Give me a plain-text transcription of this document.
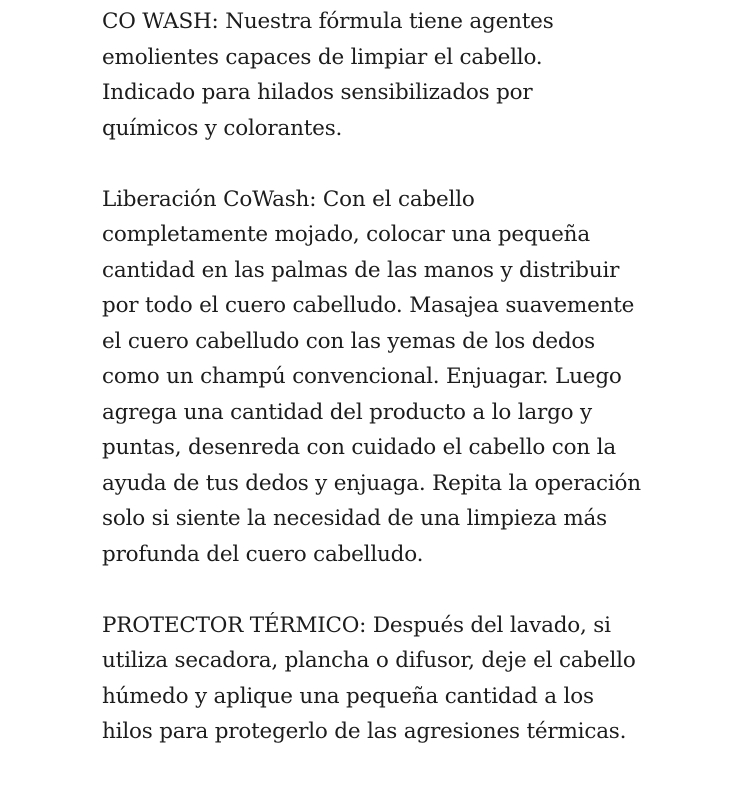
CO WASH: Nuestra fórmula tiene agentes
emolientes capaces de limpiar el cabello.
Indicado para hilados sensibilizados por
químicos y colorantes.

Liberación CoWash: Con el cabello
completamente mojado, colocar una pequeña
cantidad en las palmas de las manos y distribuir
por todo el cuero cabelludo. Masajea suavemente
el cuero cabelludo con las yemas de los dedos
como un champú convencional. Enjuagar. Luego
agrega una cantidad del producto a lo largo y
puntas, desenreda con cuidado el cabello con la
ayuda de tus dedos y enjuaga. Repita la operación
solo si siente la necesidad de una limpieza más
profunda del cuero cabelludo.

PROTECTOR TÉRMICO: Después del lavado, si
utiliza secadora, plancha o difusor, deje el cabello
húmedo y aplique una pequeña cantidad a los
hilos para protegerlo de las agresiones térmicas.
